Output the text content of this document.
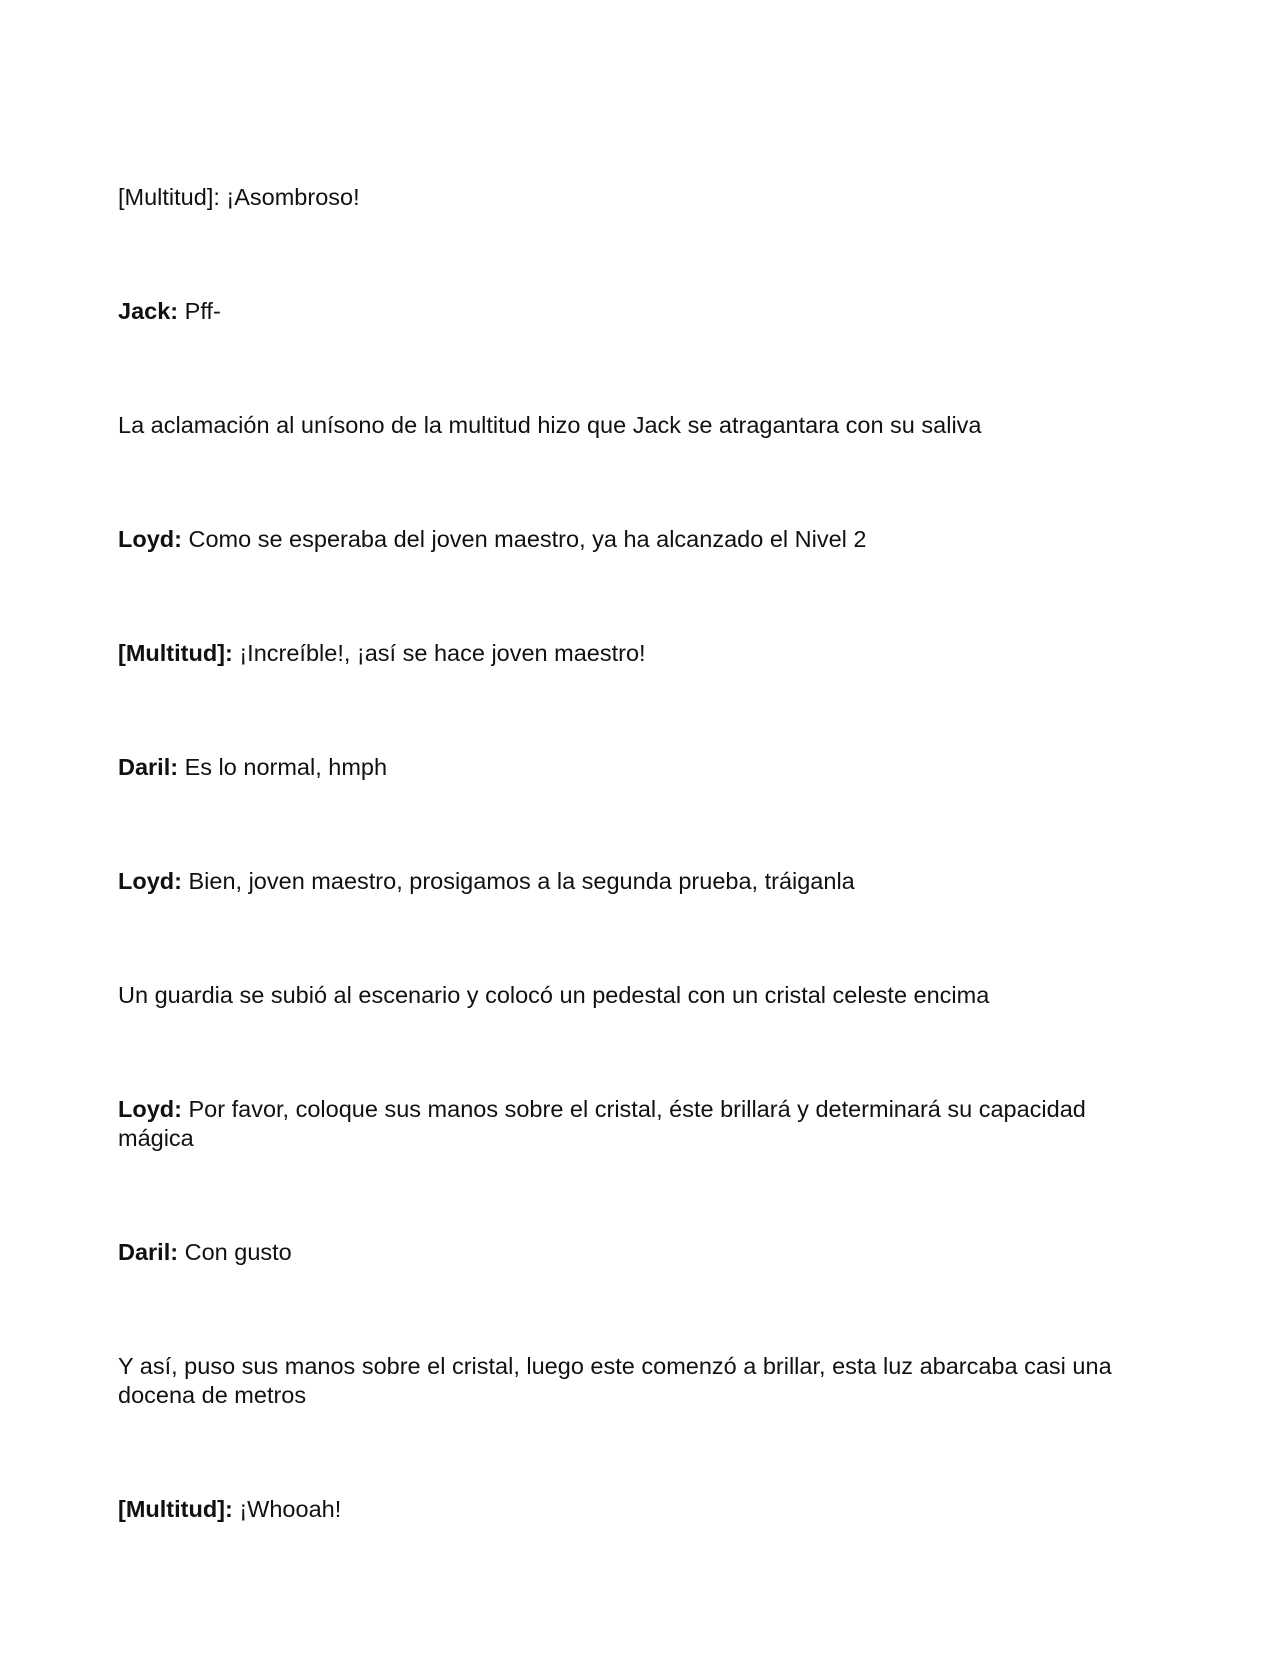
[Multitud]: ¡Asombroso!

Jack: Pff-

La aclamación al unísono de la multitud hizo que Jack se atragantara con su saliva

Loyd: Como se esperaba del joven maestro, ya ha alcanzado el Nivel 2

[Multitud]: ¡Increíble!, ¡así se hace joven maestro!

Daril: Es lo normal, hmph

Loyd: Bien, joven maestro, prosigamos a la segunda prueba, tráiganla

Un guardia se subió al escenario y colocó un pedestal con un cristal celeste encima

Loyd: Por favor, coloque sus manos sobre el cristal, éste brillará y determinará su capacidad mágica

Daril: Con gusto

Y así, puso sus manos sobre el cristal, luego este comenzó a brillar, esta luz abarcaba casi una docena de metros

[Multitud]: ¡Whooah!
